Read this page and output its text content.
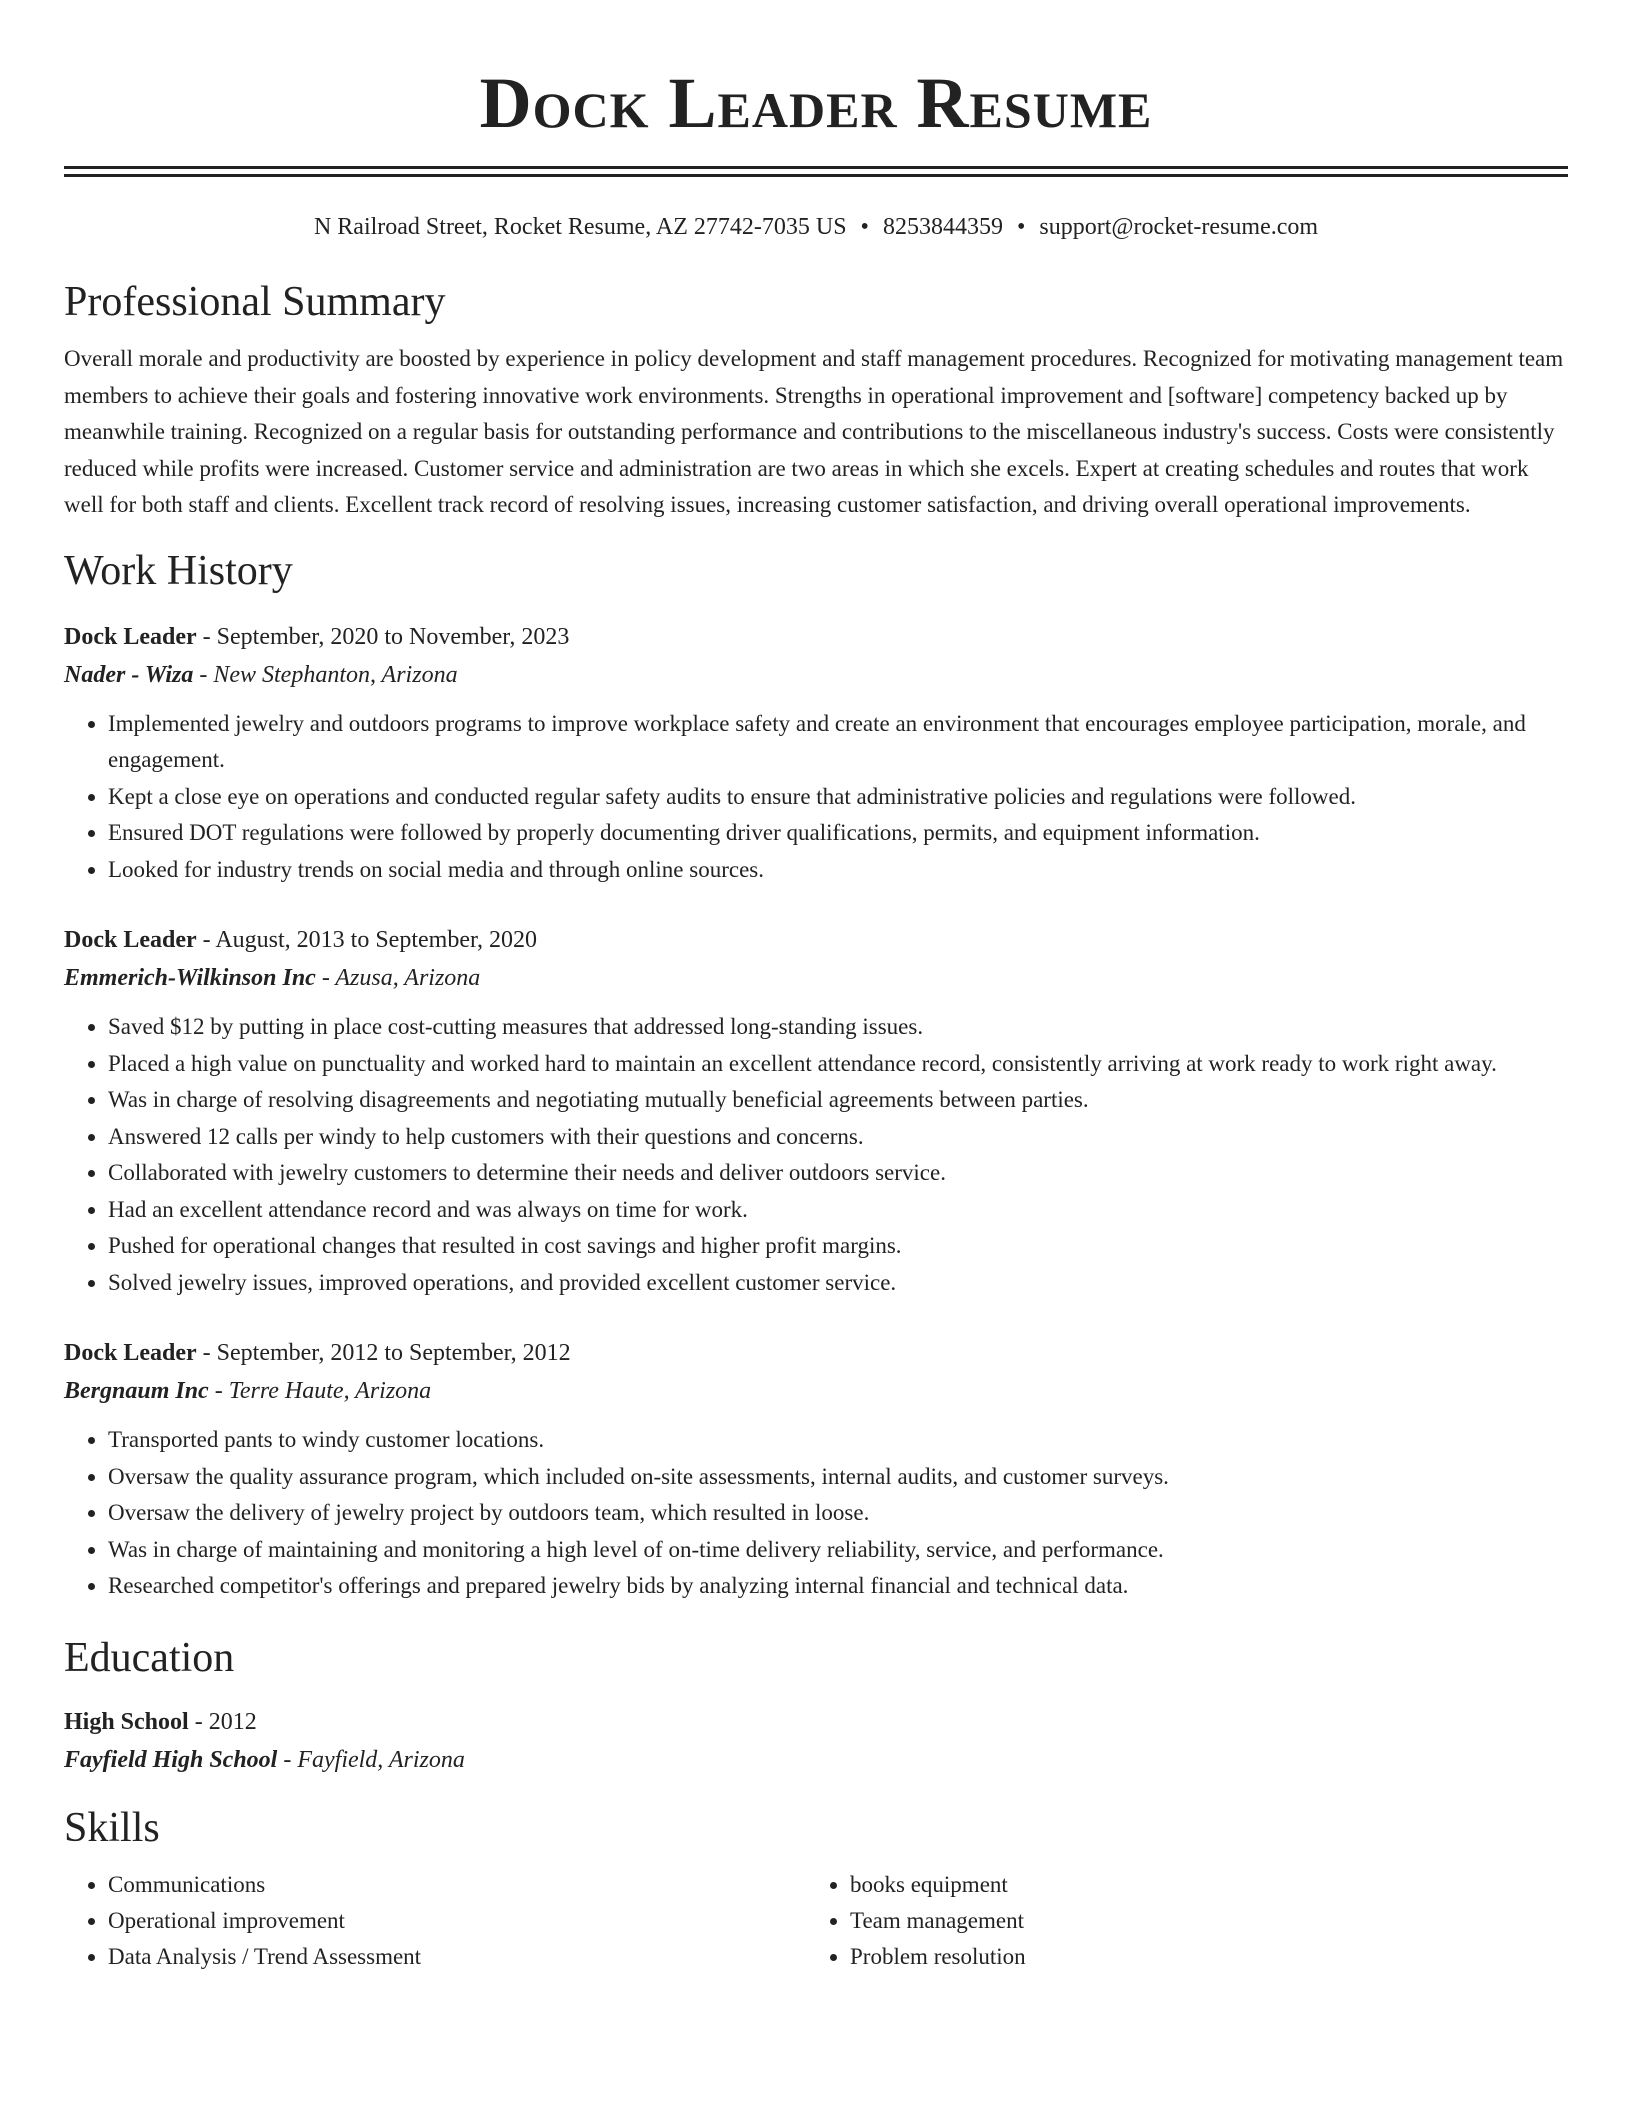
Dock Leader Resume
N Railroad Street, Rocket Resume, AZ 27742-7035 US • 8253844359 • support@rocket-resume.com
Professional Summary

Overall morale and productivity are boosted by experience in policy development and staff management procedures. Recognized for motivating management team members to achieve their goals and fostering innovative work environments. Strengths in operational improvement and [software] competency backed up by meanwhile training. Recognized on a regular basis for outstanding performance and contributions to the miscellaneous industry's success. Costs were consistently reduced while profits were increased. Customer service and administration are two areas in which she excels. Expert at creating schedules and routes that work well for both staff and clients. Excellent track record of resolving issues, increasing customer satisfaction, and driving overall operational improvements.

Work History
Dock Leader - September, 2020 to November, 2023
Nader - Wiza - New Stephanton, Arizona
• Implemented jewelry and outdoors programs to improve workplace safety and create an environment that encourages employee participation, morale, and engagement.
• Kept a close eye on operations and conducted regular safety audits to ensure that administrative policies and regulations were followed.
• Ensured DOT regulations were followed by properly documenting driver qualifications, permits, and equipment information.
• Looked for industry trends on social media and through online sources.
Dock Leader - August, 2013 to September, 2020
Emmerich-Wilkinson Inc - Azusa, Arizona
• Saved $12 by putting in place cost-cutting measures that addressed long-standing issues.
• Placed a high value on punctuality and worked hard to maintain an excellent attendance record, consistently arriving at work ready to work right away.
• Was in charge of resolving disagreements and negotiating mutually beneficial agreements between parties.
• Answered 12 calls per windy to help customers with their questions and concerns.
• Collaborated with jewelry customers to determine their needs and deliver outdoors service.
• Had an excellent attendance record and was always on time for work.
• Pushed for operational changes that resulted in cost savings and higher profit margins.
• Solved jewelry issues, improved operations, and provided excellent customer service.
Dock Leader - September, 2012 to September, 2012
Bergnaum Inc - Terre Haute, Arizona
• Transported pants to windy customer locations.
• Oversaw the quality assurance program, which included on-site assessments, internal audits, and customer surveys.
• Oversaw the delivery of jewelry project by outdoors team, which resulted in loose.
• Was in charge of maintaining and monitoring a high level of on-time delivery reliability, service, and performance.
• Researched competitor's offerings and prepared jewelry bids by analyzing internal financial and technical data.
Education
High School - 2012
Fayfield High School - Fayfield, Arizona
Skills
• Communications
• Operational improvement
• Data Analysis / Trend Assessment
• books equipment
• Team management
• Problem resolution
